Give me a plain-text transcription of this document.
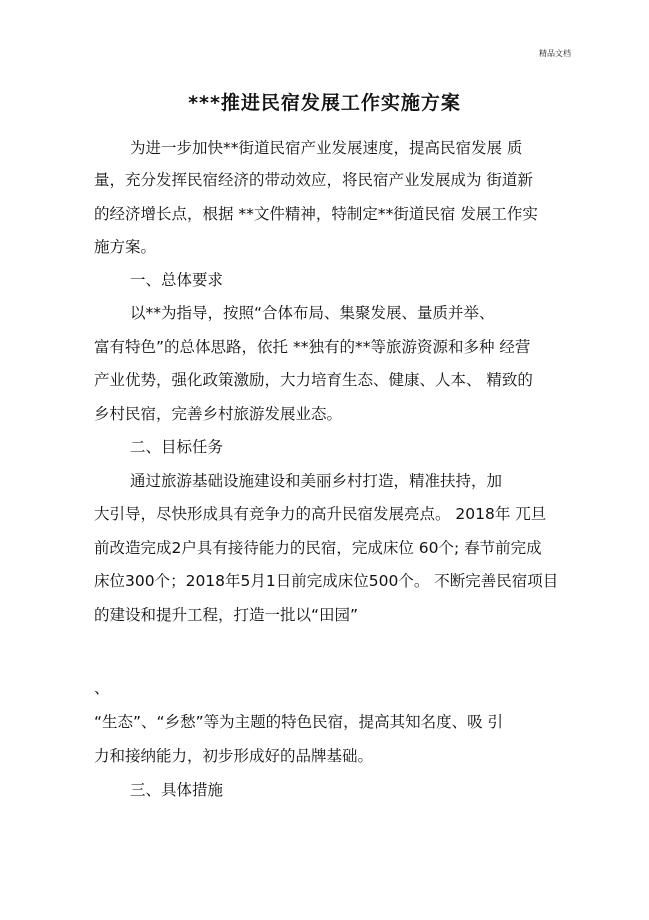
精品文档
***推进民宿发展工作实施方案
为进一步加快**街道民宿产业发展速度，提高民宿发展 质
量，充分发挥民宿经济的带动效应，将民宿产业发展成为 街道新
的经济增长点，根据 **文件精神，特制定**街道民宿 发展工作实
施方案。
一、总体要求
以**为指导，按照“合体布局、集聚发展、量质并举、
富有特色”的总体思路，依托 **独有的**等旅游资源和多种 经营
产业优势，强化政策激励，大力培育生态、健康、人本、 精致的
乡村民宿，完善乡村旅游发展业态。
二、目标任务
通过旅游基础设施建设和美丽乡村打造，精准扶持，加
大引导，尽快形成具有竞争力的高升民宿发展亮点。 2018年 兀旦
前改造完成2户具有接待能力的民宿，完成床位 60个; 春节前完成
床位300个；2018年5月1日前完成床位500个。 不断完善民宿项目
的建设和提升工程，打造一批以“田园”
、
“生态”、“乡愁”等为主题的特色民宿，提高其知名度、吸 引
力和接纳能力，初步形成好的品牌基础。
三、具体措施
